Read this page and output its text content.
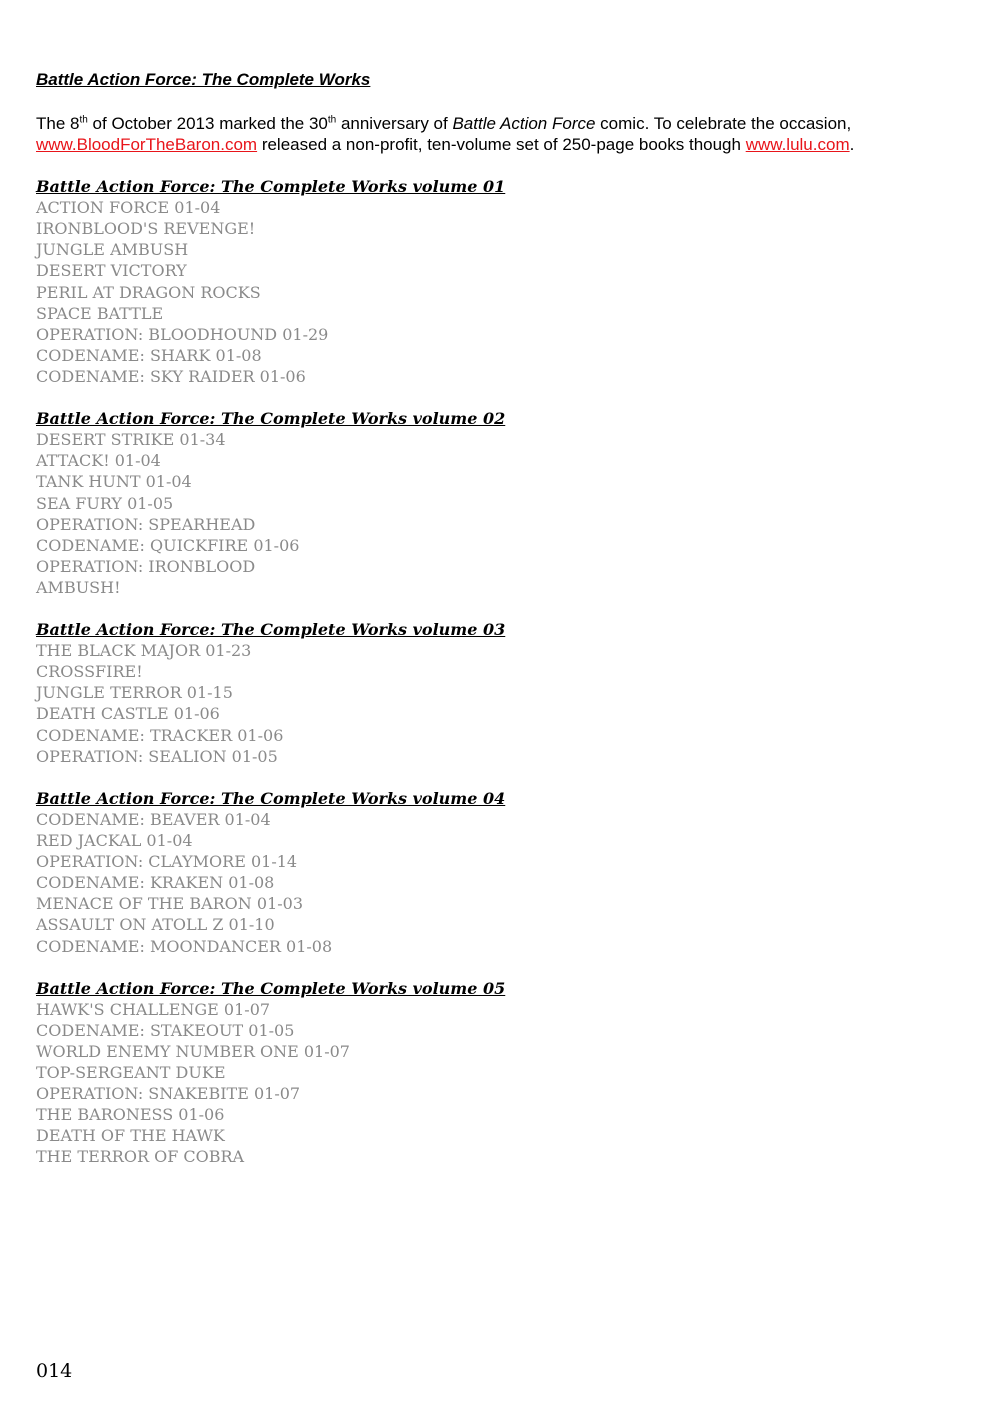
Battle Action Force: The Complete Works

The 8th of October 2013 marked the 30th anniversary of Battle Action Force comic. To celebrate the occasion,
www.BloodForTheBaron.com released a non-profit, ten-volume set of 250-page books though www.lulu.com.

Battle Action Force: The Complete Works volume 01
ACTION FORCE 01-04
IRONBLOOD'S REVENGE!
JUNGLE AMBUSH
DESERT VICTORY
PERIL AT DRAGON ROCKS
SPACE BATTLE
OPERATION: BLOODHOUND 01-29
CODENAME: SHARK 01-08
CODENAME: SKY RAIDER 01-06
Battle Action Force: The Complete Works volume 02
DESERT STRIKE 01-34
ATTACK! 01-04
TANK HUNT 01-04
SEA FURY 01-05
OPERATION: SPEARHEAD
CODENAME: QUICKFIRE 01-06
OPERATION: IRONBLOOD
AMBUSH!
Battle Action Force: The Complete Works volume 03
THE BLACK MAJOR 01-23
CROSSFIRE!
JUNGLE TERROR 01-15
DEATH CASTLE 01-06
CODENAME: TRACKER 01-06
OPERATION: SEALION 01-05
Battle Action Force: The Complete Works volume 04
CODENAME: BEAVER 01-04
RED JACKAL 01-04
OPERATION: CLAYMORE 01-14
CODENAME: KRAKEN 01-08
MENACE OF THE BARON 01-03
ASSAULT ON ATOLL Z 01-10
CODENAME: MOONDANCER 01-08
Battle Action Force: The Complete Works volume 05
HAWK'S CHALLENGE 01-07
CODENAME: STAKEOUT 01-05
WORLD ENEMY NUMBER ONE 01-07
TOP-SERGEANT DUKE
OPERATION: SNAKEBITE 01-07
THE BARONESS 01-06
DEATH OF THE HAWK
THE TERROR OF COBRA
014
